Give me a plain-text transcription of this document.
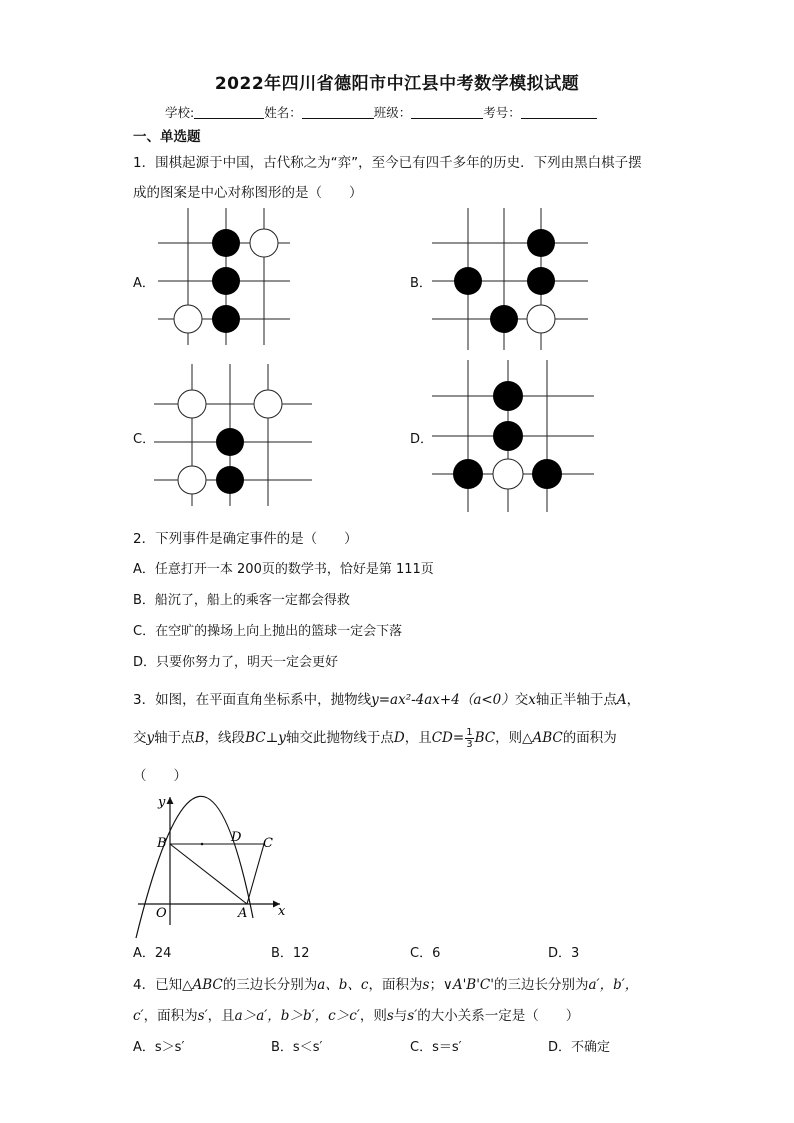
2022年四川省德阳市中江县中考数学模拟试题
学校:	姓名：	班级：	考号：
一、单选题
1．围棋起源于中国，古代称之为“弈”，至今已有四千多年的历史．下列由黑白棋子摆
成的图案是中心对称图形的是（　　）
A．	B．
C．	D．
2．下列事件是确定事件的是（　　）
A．任意打开一本 200页的数学书，恰好是第 111页
B．船沉了，船上的乘客一定都会得救
C．在空旷的操场上向上抛出的篮球一定会下落
D．只要你努力了，明天一定会更好
3．如图，在平面直角坐标系中，抛物线y=ax²-4ax+4（a<0）交x轴正半轴于点A，
交y轴于点B，线段BC⊥y轴交此抛物线于点D，且$CD= \frac{1}{3}$ BC，则△ABC的面积为
（　　）
y
x
O	A
B	C
D
A．24	B．12	C．6	D．3
4．已知△ABC的三边长分别为a、b、c，面积为s；∨A'B'C'的三边长分别为a′，b′，
c′，面积为s′，且a＞a′，b＞b′，c＞c′，则s与s′的大小关系一定是（　　）
A．s＞s′	B．s＜s′	C．s＝s′	D．不确定
